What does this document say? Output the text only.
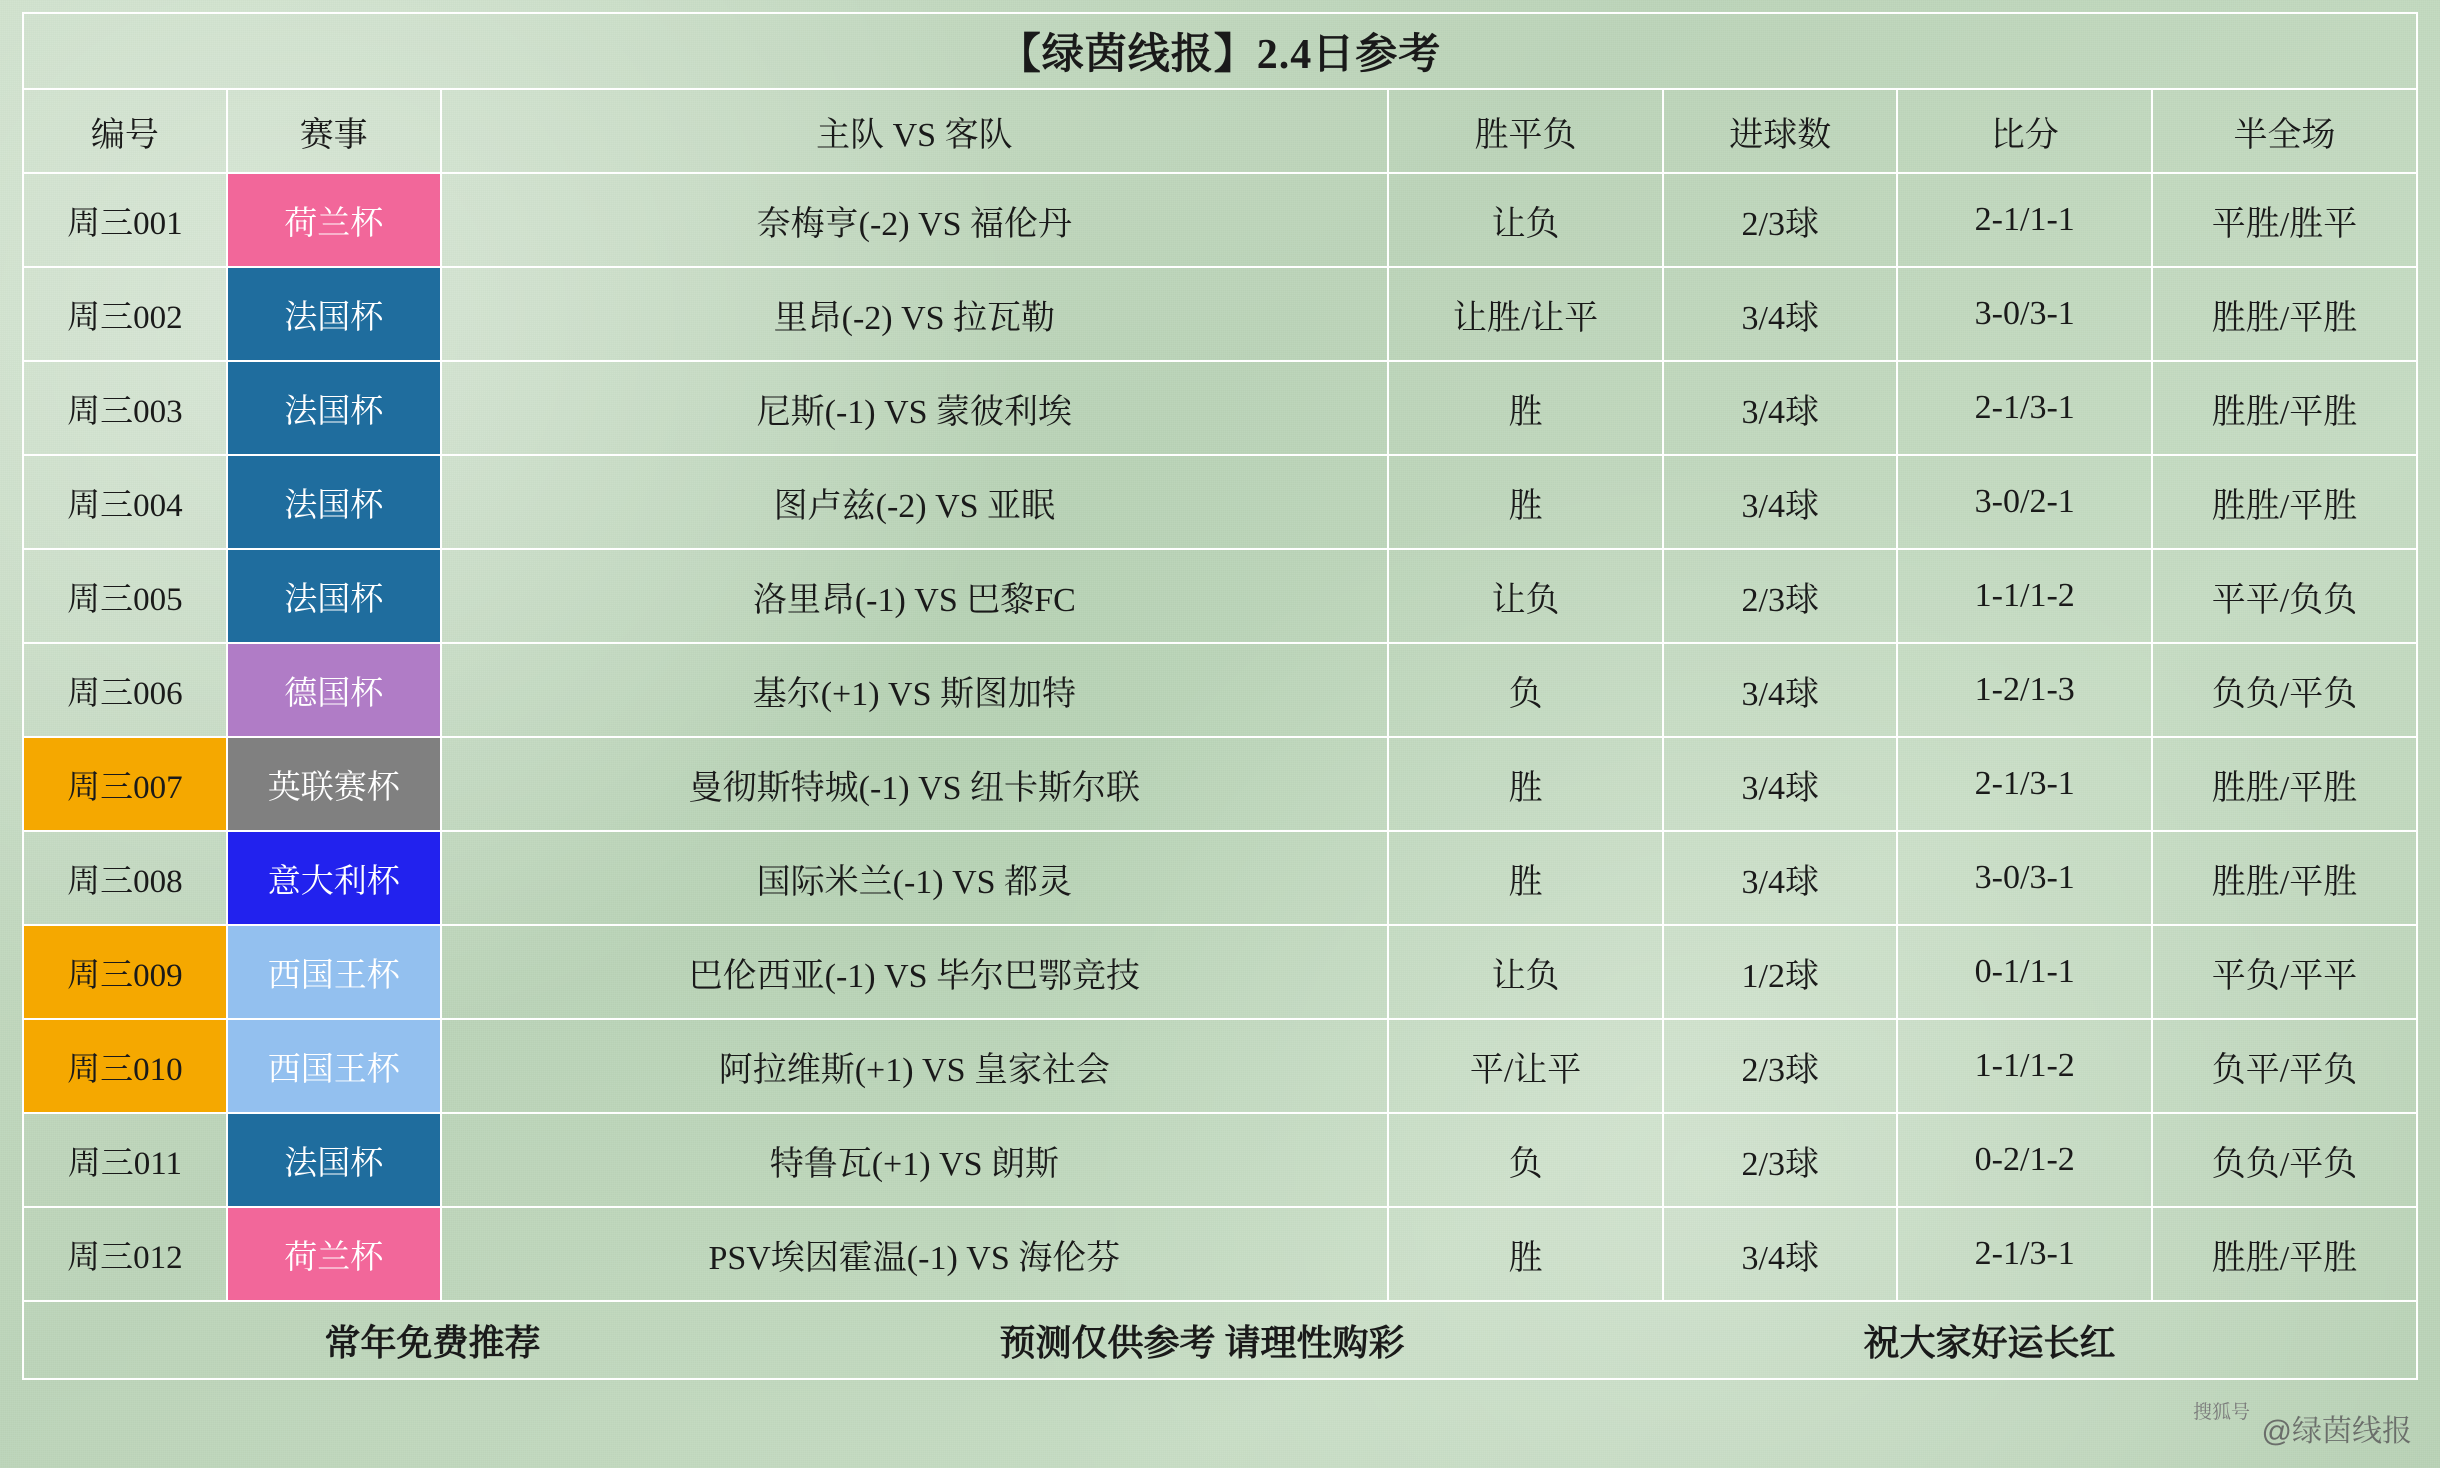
【绿茵线报】2.4日参考						
编号	赛事	主队 VS 客队	胜平负	进球数	比分	半全场
周三001	荷兰杯	奈梅亨(-2) VS 福伦丹	让负	2/3球	2-1/1-1	平胜/胜平
周三002	法国杯	里昂(-2) VS 拉瓦勒	让胜/让平	3/4球	3-0/3-1	胜胜/平胜
周三003	法国杯	尼斯(-1) VS 蒙彼利埃	胜	3/4球	2-1/3-1	胜胜/平胜
周三004	法国杯	图卢兹(-2) VS 亚眠	胜	3/4球	3-0/2-1	胜胜/平胜
周三005	法国杯	洛里昂(-1) VS 巴黎FC	让负	2/3球	1-1/1-2	平平/负负
周三006	德国杯	基尔(+1) VS 斯图加特	负	3/4球	1-2/1-3	负负/平负
周三007	英联赛杯	曼彻斯特城(-1) VS 纽卡斯尔联	胜	3/4球	2-1/3-1	胜胜/平胜
周三008	意大利杯	国际米兰(-1) VS 都灵	胜	3/4球	3-0/3-1	胜胜/平胜
周三009	西国王杯	巴伦西亚(-1) VS 毕尔巴鄂竞技	让负	1/2球	0-1/1-1	平负/平平
周三010	西国王杯	阿拉维斯(+1) VS 皇家社会	平/让平	2/3球	1-1/1-2	负平/平负
周三011	法国杯	特鲁瓦(+1) VS 朗斯	负	2/3球	0-2/1-2	负负/平负
周三012	荷兰杯	PSV埃因霍温(-1) VS 海伦芬	胜	3/4球	2-1/3-1	胜胜/平胜

常年免费推荐 预测仅供参考 请理性购彩 祝大家好运长红						
搜狐号
@绿茵线报
